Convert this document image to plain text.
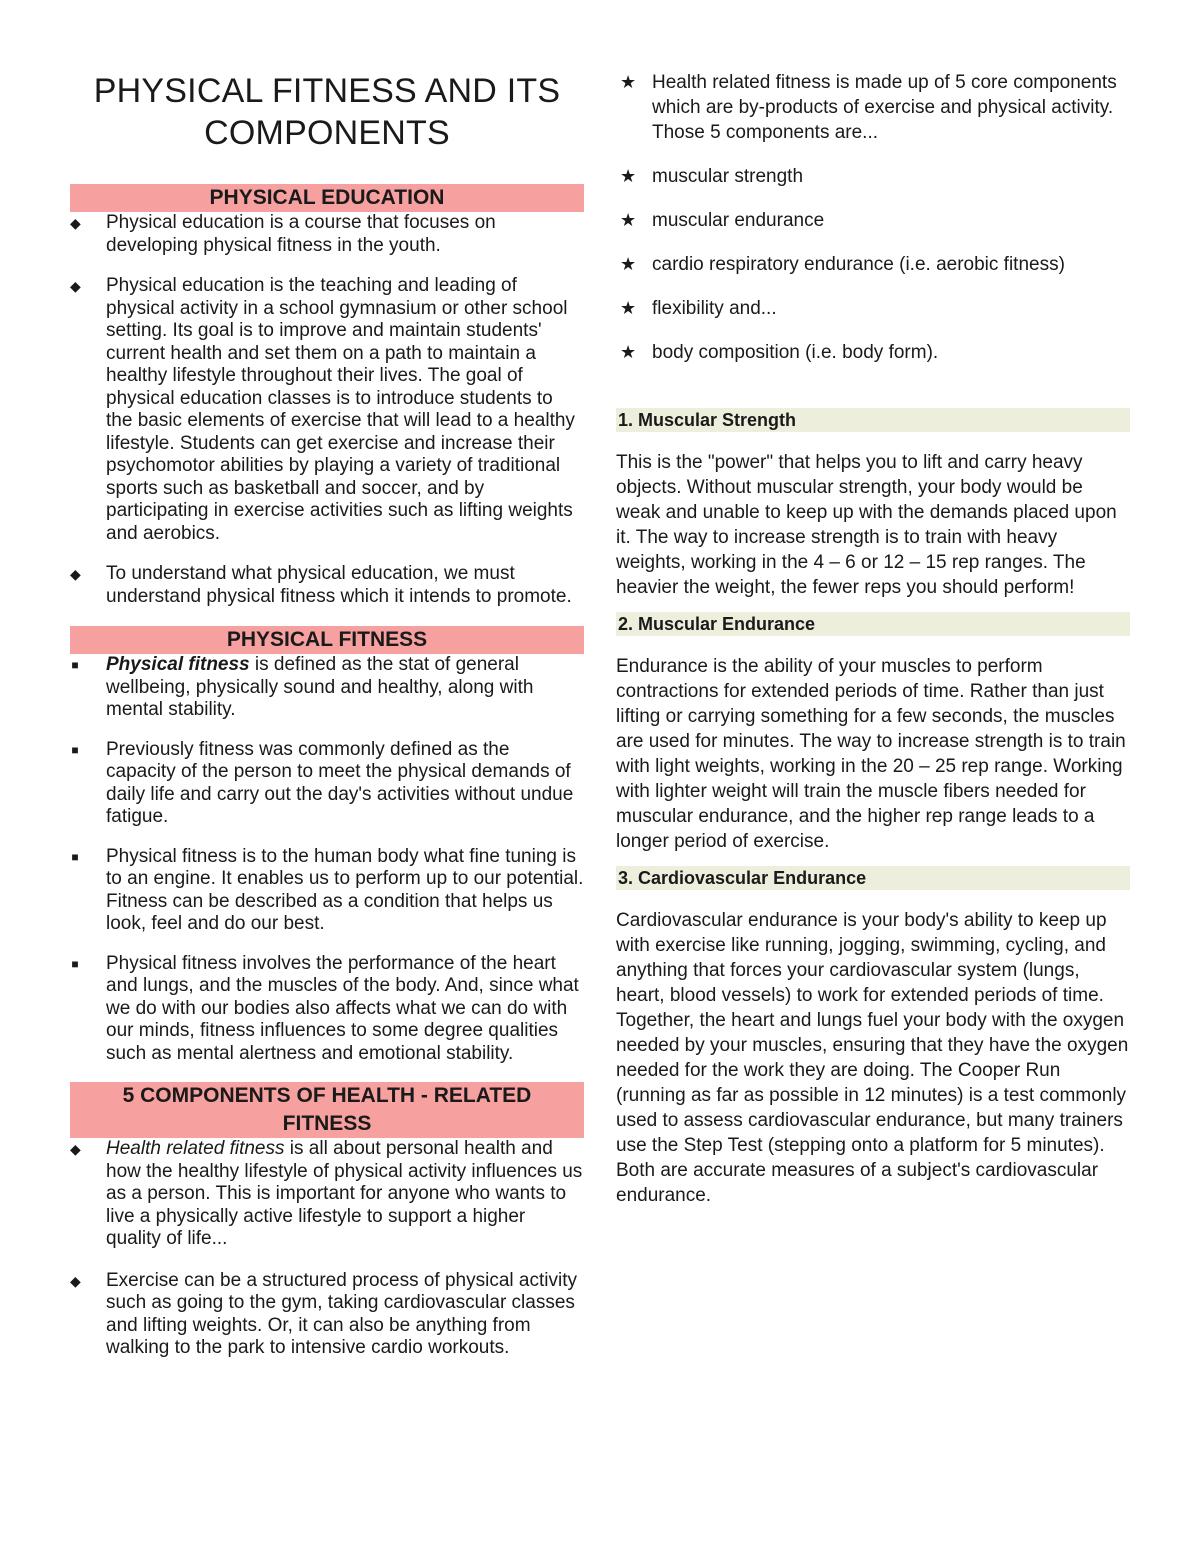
PHYSICAL FITNESS AND ITS COMPONENTS
PHYSICAL EDUCATION
◆ Physical education is a course that focuses on developing physical fitness in the youth.
◆ Physical education is the teaching and leading of physical activity in a school gymnasium or other school setting. Its goal is to improve and maintain students' current health and set them on a path to maintain a healthy lifestyle throughout their lives. The goal of physical education classes is to introduce students to the basic elements of exercise that will lead to a healthy lifestyle. Students can get exercise and increase their psychomotor abilities by playing a variety of traditional sports such as basketball and soccer, and by participating in exercise activities such as lifting weights and aerobics.
◆ To understand what physical education, we must understand physical fitness which it intends to promote.
PHYSICAL FITNESS
■ Physical fitness is defined as the stat of general wellbeing, physically sound and healthy, along with mental stability.
■ Previously fitness was commonly defined as the capacity of the person to meet the physical demands of daily life and carry out the day's activities without undue fatigue.
■ Physical fitness is to the human body what fine tuning is to an engine. It enables us to perform up to our potential. Fitness can be described as a condition that helps us look, feel and do our best.
■ Physical fitness involves the performance of the heart and lungs, and the muscles of the body. And, since what we do with our bodies also affects what we can do with our minds, fitness influences to some degree qualities such as mental alertness and emotional stability.
5 COMPONENTS OF HEALTH - RELATED FITNESS
◆ Health related fitness is all about personal health and how the healthy lifestyle of physical activity influences us as a person. This is important for anyone who wants to live a physically active lifestyle to support a higher quality of life...
◆ Exercise can be a structured process of physical activity such as going to the gym, taking cardiovascular classes and lifting weights. Or, it can also be anything from walking to the park to intensive cardio workouts.
★ Health related fitness is made up of 5 core components which are by-products of exercise and physical activity. Those 5 components are...
★ muscular strength
★ muscular endurance
★ cardio respiratory endurance (i.e. aerobic fitness)
★ flexibility and...
★ body composition (i.e. body form).
1. Muscular Strength

This is the "power" that helps you to lift and carry heavy objects. Without muscular strength, your body would be weak and unable to keep up with the demands placed upon it. The way to increase strength is to train with heavy weights, working in the 4 – 6 or 12 – 15 rep ranges. The heavier the weight, the fewer reps you should perform!

2. Muscular Endurance

Endurance is the ability of your muscles to perform contractions for extended periods of time. Rather than just lifting or carrying something for a few seconds, the muscles are used for minutes. The way to increase strength is to train with light weights, working in the 20 – 25 rep range. Working with lighter weight will train the muscle fibers needed for muscular endurance, and the higher rep range leads to a longer period of exercise.

3. Cardiovascular Endurance

Cardiovascular endurance is your body's ability to keep up with exercise like running, jogging, swimming, cycling, and anything that forces your cardiovascular system (lungs, heart, blood vessels) to work for extended periods of time. Together, the heart and lungs fuel your body with the oxygen needed by your muscles, ensuring that they have the oxygen needed for the work they are doing. The Cooper Run (running as far as possible in 12 minutes) is a test commonly used to assess cardiovascular endurance, but many trainers use the Step Test (stepping onto a platform for 5 minutes). Both are accurate measures of a subject's cardiovascular endurance.
